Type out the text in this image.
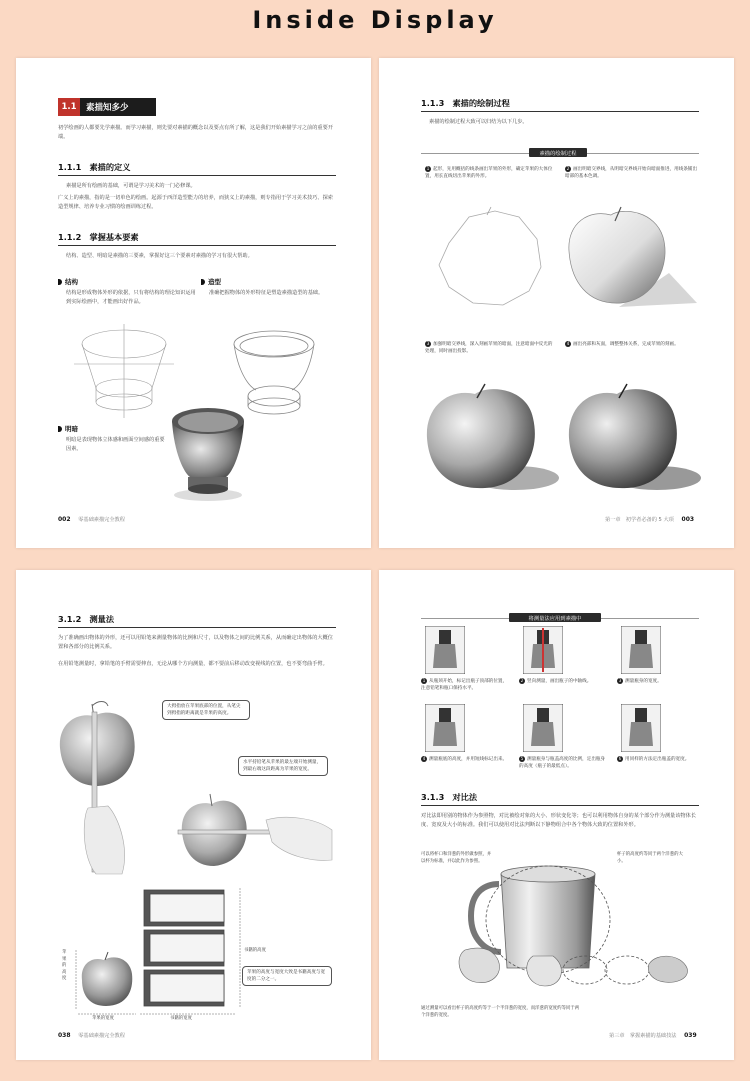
Inside Display
1.1	素描知多少
初学绘画的人都要先学素描。而学习素描，则先要对素描的概念以及要点有所了解，这是我们开始素描学习之前的重要开端。
1.1.1　素描的定义
素描是所有绘画的基础，可谓是学习美术的一门必修课。
广义上的素描，指的是一切单色的绘画。起源于西洋造型能力的培养，而狭义上的素描，则专指用于学习美术技巧、探索造型规律、培养专业习惯的绘画训练过程。
1.1.2　掌握基本要素
结构、造型、明暗是素描的三要素，掌握好这三个要素对素描的学习有很大帮助。
结构
结构是形成物体外形的依据，只有将结构的理论知识运用到实际绘画中，才能画出好作品。
造型
准确把握物体的外形特征是塑造素描造型的基础。
明暗
明暗是表现物体立体感和画面空间感的重要因素。
002 零基础素描完全教程
1.1.3　素描的绘制过程
素描的绘制过程大致可以归结为以下几步。
素描的绘制过程
1 起形，先用概括的线条画出苹果的外形，确定苹果的大体位置，用长直线切出苹果的外形。
2 画出明暗交界线，从明暗交界线开始向暗面推进，用线条铺出暗部的基本色调。
3 加强明暗交界线，深入刻画苹果的暗面，注意暗面中反光的处理，同时画出投影。
4 画出亮部和灰面，调整整体关系，完成苹果的刻画。
第一章　初学者必备的 5 大项 003
3.1.2　测量法
为了准确画出物体的外形，还可以用铅笔来测量物体的比例和尺寸，以及物体之间的比例关系，从而确定出物体的大概位置和各部分的比例关系。
在用铅笔测量时，拿铅笔的手臂需要伸直，无论从哪个方向测量，都不要前后移动改变视线的位置，也不要弯曲手臂。
大拇指放在苹果底部的位置，从笔尖到拇指的距离就是苹果的高度。
水平持铅笔从苹果的最左端开始测量，到最右端这段距离为苹果的宽度。
苹果的高度
苹果的宽度
书籍的高度
书籍的宽度
苹果的高度与宽度大致是书籍高度与宽度的二分之一。
038 零基础素描完全教程
将测量法应用到素描中
1 从瓶颈开始，标记出瓶子顶部的位置，注意铅笔和瓶口保持水平。
2 竖向测量，画出瓶子的中轴线。	3 测量瓶身的宽度。
4 测量瓶底的高度，并用短线标记出来。	5 测量瓶身与瓶盖高度的比例，定出瓶身的高度（瓶子的最低点）。
6 用同样的方法定出瓶盖的宽度。
3.1.3　对比法
对比法即用别的物体作为参照物，对比被绘对象的大小、形状变化等；也可以利用物体自身的某个部分作为测量该物体长度、宽度及大小的标准。我们可以使用对比法判断以下静物组合中各个物体大致的位置和外形。
可以将杯口和洋葱的外形做参照，并以杯为标准，并以此作为参照。
杯子的高度约等同于两个洋葱的大小。
通过测量可以看出杯子的高度约等于一个半洋葱的宽度，而洋葱的宽度约等同于两个洋葱的宽度。
第三章　掌握素描的基础技法 039
